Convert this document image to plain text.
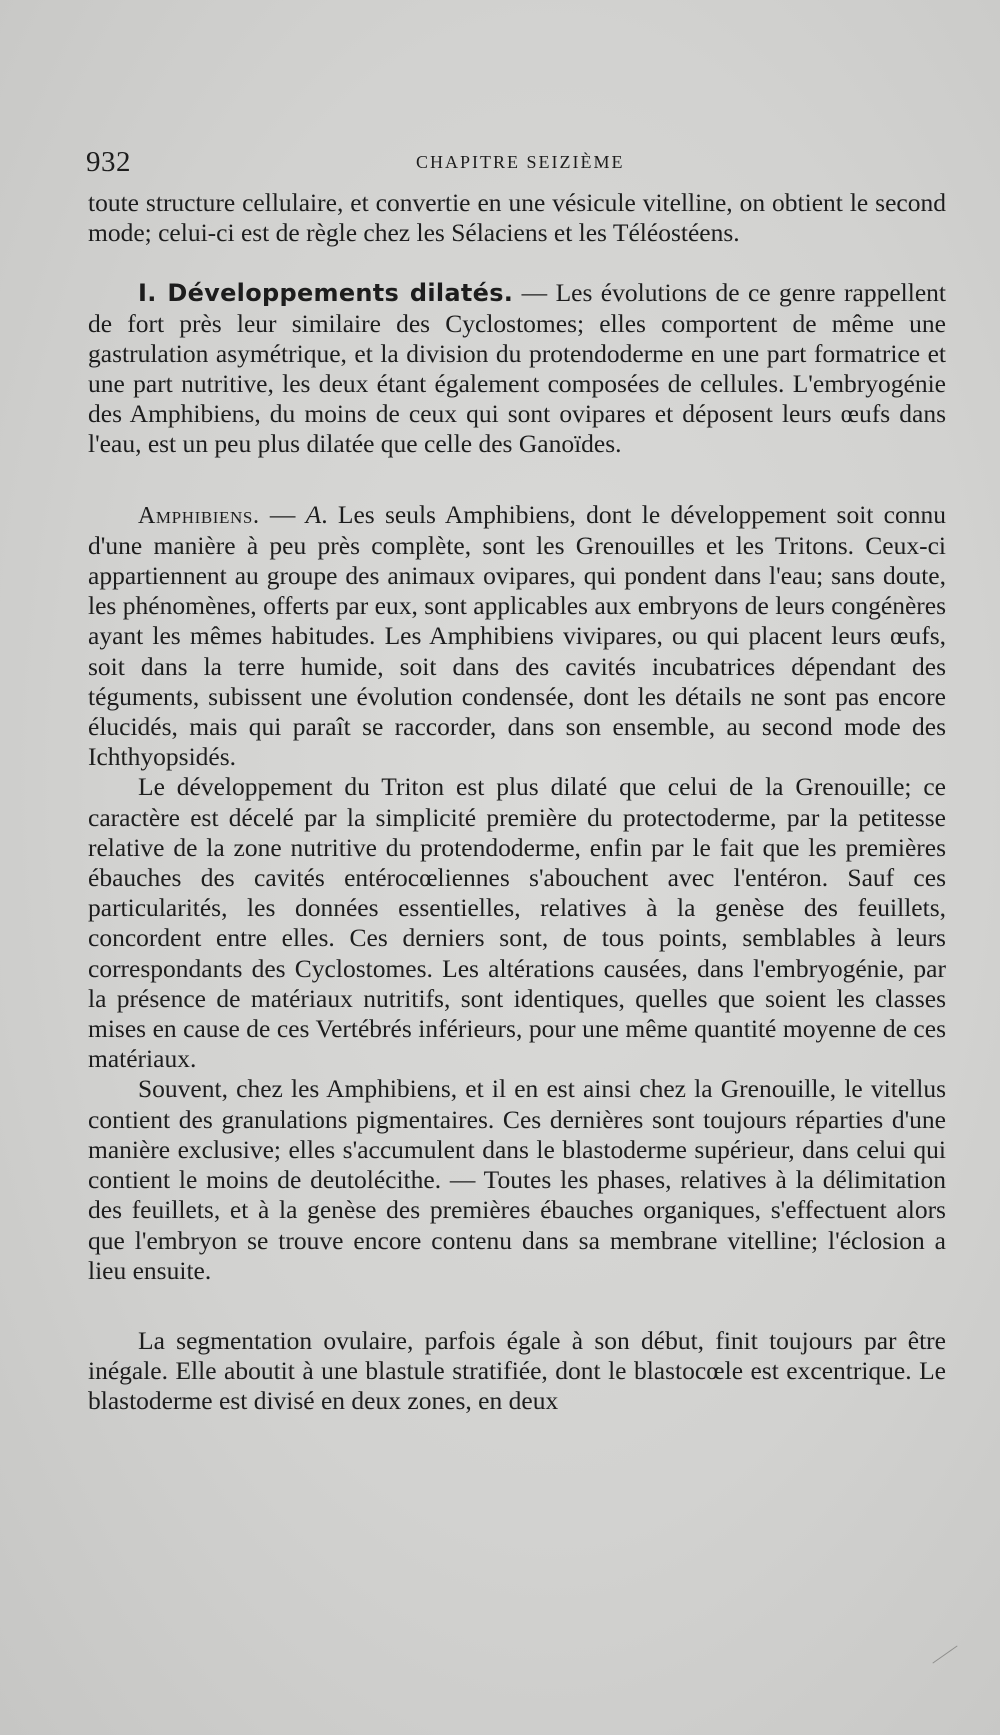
932	CHAPITRE SEIZIÈME

toute structure cellulaire, et convertie en une vésicule vitelline, on obtient le second mode; celui-ci est de règle chez les Sélaciens et les Téléostéens.

I. Développements dilatés. — Les évolutions de ce genre rappellent de fort près leur similaire des Cyclostomes; elles comportent de même une gastrulation asymétrique, et la division du protendoderme en une part formatrice et une part nutritive, les deux étant également composées de cellules. L'embryogénie des Amphibiens, du moins de ceux qui sont ovipares et déposent leurs œufs dans l'eau, est un peu plus dilatée que celle des Ganoïdes.

Amphibiens. — A. Les seuls Amphibiens, dont le développement soit connu d'une manière à peu près complète, sont les Grenouilles et les Tritons. Ceux-ci appartiennent au groupe des animaux ovipares, qui pondent dans l'eau; sans doute, les phénomènes, offerts par eux, sont applicables aux embryons de leurs congénères ayant les mêmes habitudes. Les Amphibiens vivipares, ou qui placent leurs œufs, soit dans la terre humide, soit dans des cavités incubatrices dépendant des téguments, subissent une évolution condensée, dont les détails ne sont pas encore élucidés, mais qui paraît se raccorder, dans son ensemble, au second mode des Ichthyopsidés.

Le développement du Triton est plus dilaté que celui de la Grenouille; ce caractère est décelé par la simplicité première du protectoderme, par la petitesse relative de la zone nutritive du protendoderme, enfin par le fait que les premières ébauches des cavités entérocœliennes s'abouchent avec l'entéron. Sauf ces particularités, les données essentielles, relatives à la genèse des feuillets, concordent entre elles. Ces derniers sont, de tous points, semblables à leurs correspondants des Cyclostomes. Les altérations causées, dans l'embryogénie, par la présence de matériaux nutritifs, sont identiques, quelles que soient les classes mises en cause de ces Vertébrés inférieurs, pour une même quantité moyenne de ces matériaux.

Souvent, chez les Amphibiens, et il en est ainsi chez la Grenouille, le vitellus contient des granulations pigmentaires. Ces dernières sont toujours réparties d'une manière exclusive; elles s'accumulent dans le blastoderme supérieur, dans celui qui contient le moins de deutolécithe. — Toutes les phases, relatives à la délimitation des feuillets, et à la genèse des premières ébauches organiques, s'effectuent alors que l'embryon se trouve encore contenu dans sa membrane vitelline; l'éclosion a lieu ensuite.

La segmentation ovulaire, parfois égale à son début, finit toujours par être inégale. Elle aboutit à une blastule stratifiée, dont le blastocœle est excentrique. Le blastoderme est divisé en deux zones, en deux
